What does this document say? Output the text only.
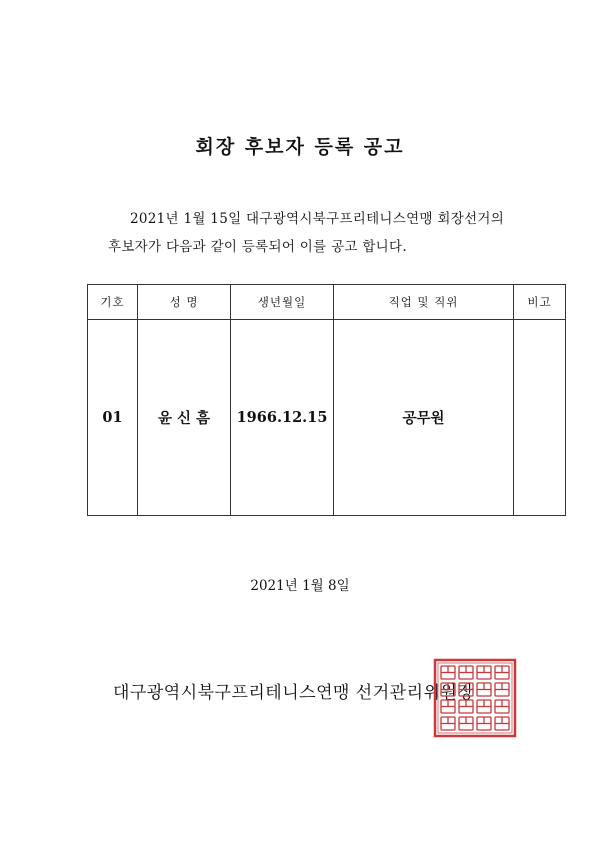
회장 후보자 등록 공고
2021년 1월 15일 대구광역시북구프리테니스연맹 회장선거의
후보자가 다음과 같이 등록되어 이를 공고 합니다.
기호	성 명	생년월일	직업 및 직위	비고
01	윤 신 흠	1966.12.15	공무원	
2021년 1월 8일
대구광역시북구프리테니스연맹 선거관리위원장
